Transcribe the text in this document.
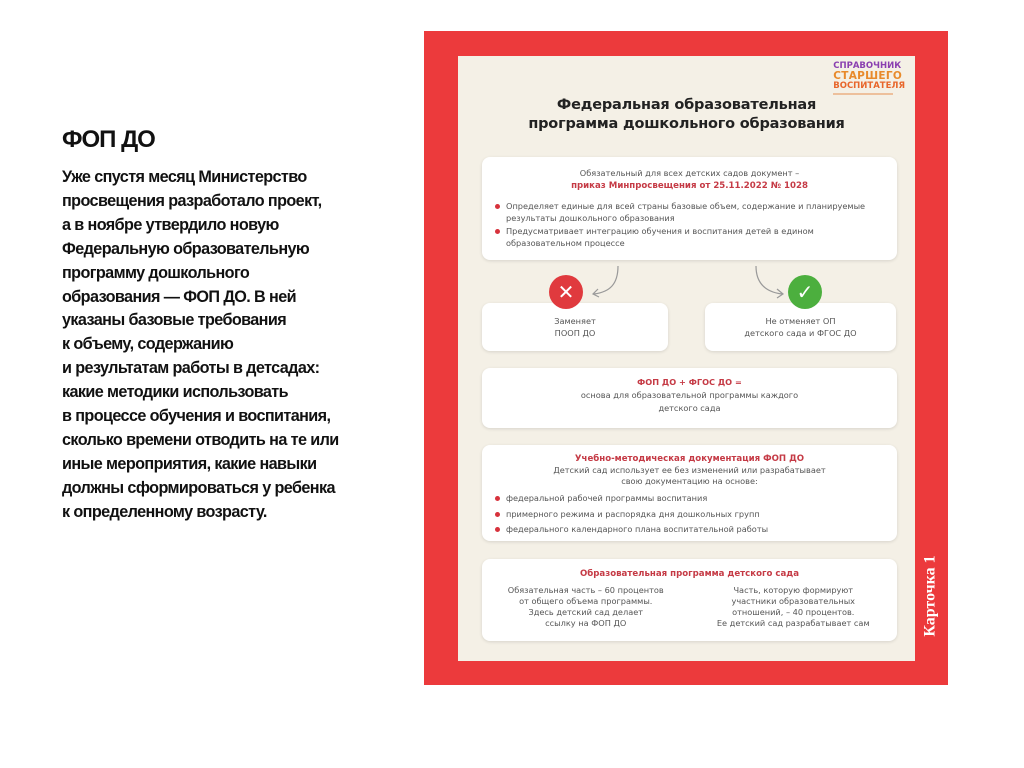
ФОП ДО
Уже спустя месяц Министерство
просвещения разработало проект,
а в ноябре утвердило новую
Федеральную образовательную
программу дошкольного
образования — ФОП ДО. В ней
указаны базовые требования
к объему, содержанию
и результатам работы в детсадах:
какие методики использовать
в процессе обучения и воспитания,
сколько времени отводить на те или
иные мероприятия, какие навыки
должны сформироваться у ребенка
к определенному возрасту.
СПРАВОЧНИК
СТАРШЕГО
ВОСПИТАТЕЛЯ
Федеральная образовательная
программа дошкольного образования
Обязательный для всех детских садов документ –
приказ Минпросвещения от 25.11.2022 № 1028
Определяет единые для всей страны базовые объем, содержание и планируемые результаты дошкольного образования
Предусматривает интеграцию обучения и воспитания детей в едином образовательном процессе
Заменяет
ПООП ДО
✕
Не отменяет ОП
детского сада и ФГОС ДО
✓
ФОП ДО + ФГОС ДО =
основа для образовательной программы каждого
детского сада
Учебно-методическая документация ФОП ДО
Детский сад использует ее без изменений или разрабатывает
свою документацию на основе:
федеральной рабочей программы воспитания
примерного режима и распорядка дня дошкольных групп
федерального календарного плана воспитательной работы
Образовательная программа детского сада
Обязательная часть – 60 процентов
от общего объема программы.
Здесь детский сад делает
ссылку на ФОП ДО
Часть, которую формируют
участники образовательных
отношений, – 40 процентов.
Ее детский сад разрабатывает сам	Карточка 1
